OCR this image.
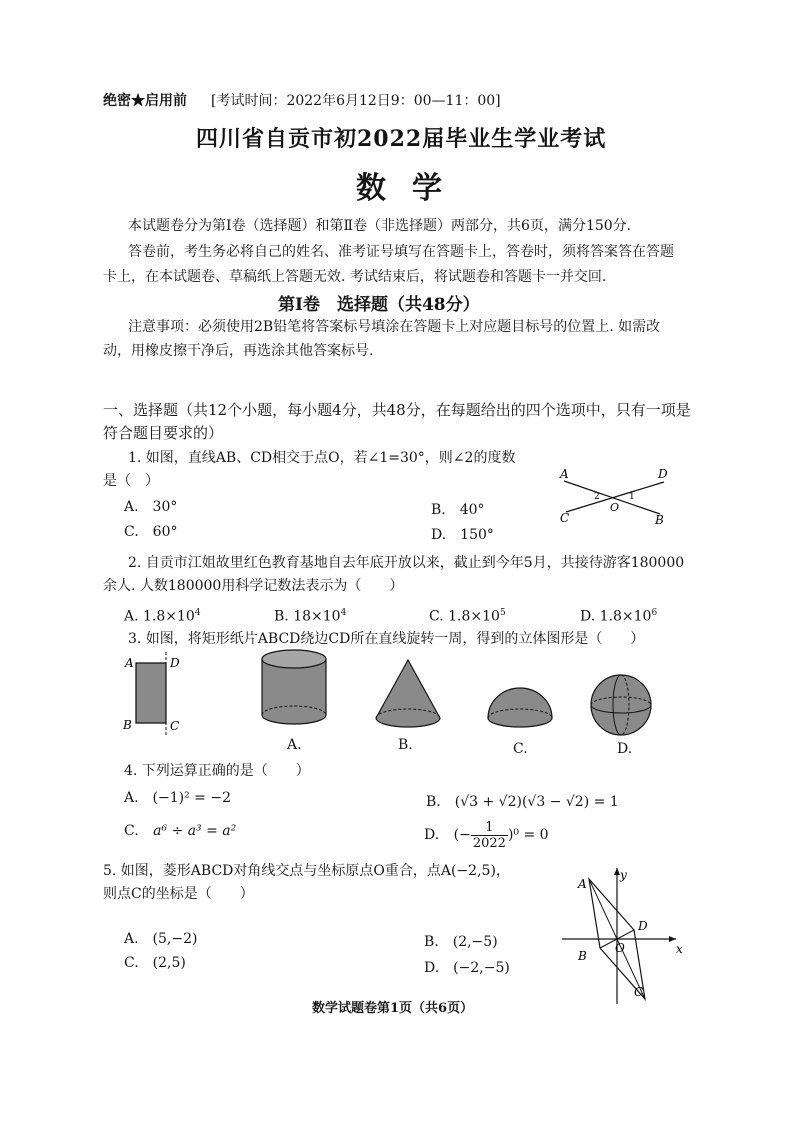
绝密★启用前 [考试时间：2022年6月12日9：00—11：00]
四川省自贡市初2022届毕业生学业考试
数学
本试题卷分为第Ⅰ卷（选择题）和第Ⅱ卷（非选择题）两部分，共6页，满分150分.
答卷前，考生务必将自己的姓名、准考证号填写在答题卡上，答卷时，须将答案答在答题
卡上，在本试题卷、草稿纸上答题无效. 考试结束后，将试题卷和答题卡一并交回.
第Ⅰ卷　选择题（共48分）
注意事项：必须使用2B铅笔将答案标号填涂在答题卡上对应题目标号的位置上. 如需改
动，用橡皮擦干净后，再选涂其他答案标号.
一、选择题（共12个小题，每小题4分，共48分，在每题给出的四个选项中，只有一项是
符合题目要求的）
1. 如图，直线AB、CD相交于点O，若∠1=30°，则∠2的度数
是（　）
A.　30°	B.　40°
C.　60°	D.　150°
A	D
C	B
O
2	1
2. 自贡市江姐故里红色教育基地自去年底开放以来，截止到今年5月，共接待游客180000
余人. 人数180000用科学记数法表示为（　　）
A. $1.8\times 10^4$	B. $18\times 10^4$	C. $1.8\times 10^5$	D. $1.8\times 10^6$
3. 如图，将矩形纸片ABCD绕边CD所在直线旋转一周，得到的立体图形是（　　）
A	D
B	C
A.	B.	C.	D.
4. 下列运算正确的是（　　）
A.　(−1)² = −2	B.　(√3 + √2)(√3 − √2) = 1
C. a⁶ ÷ a³ = a²	D. (− $\frac{1}{2022} )^0 = 0$
5. 如图，菱形ABCD对角线交点与坐标原点O重合，点A(−2,5)，
则点C的坐标是（　　）
A.　(5,−2)	B.　(2,−5)
C.　(2,5)	D.　(−2,−5)
A
D
B
C
O	x
y
数学试题卷第1页（共6页）
